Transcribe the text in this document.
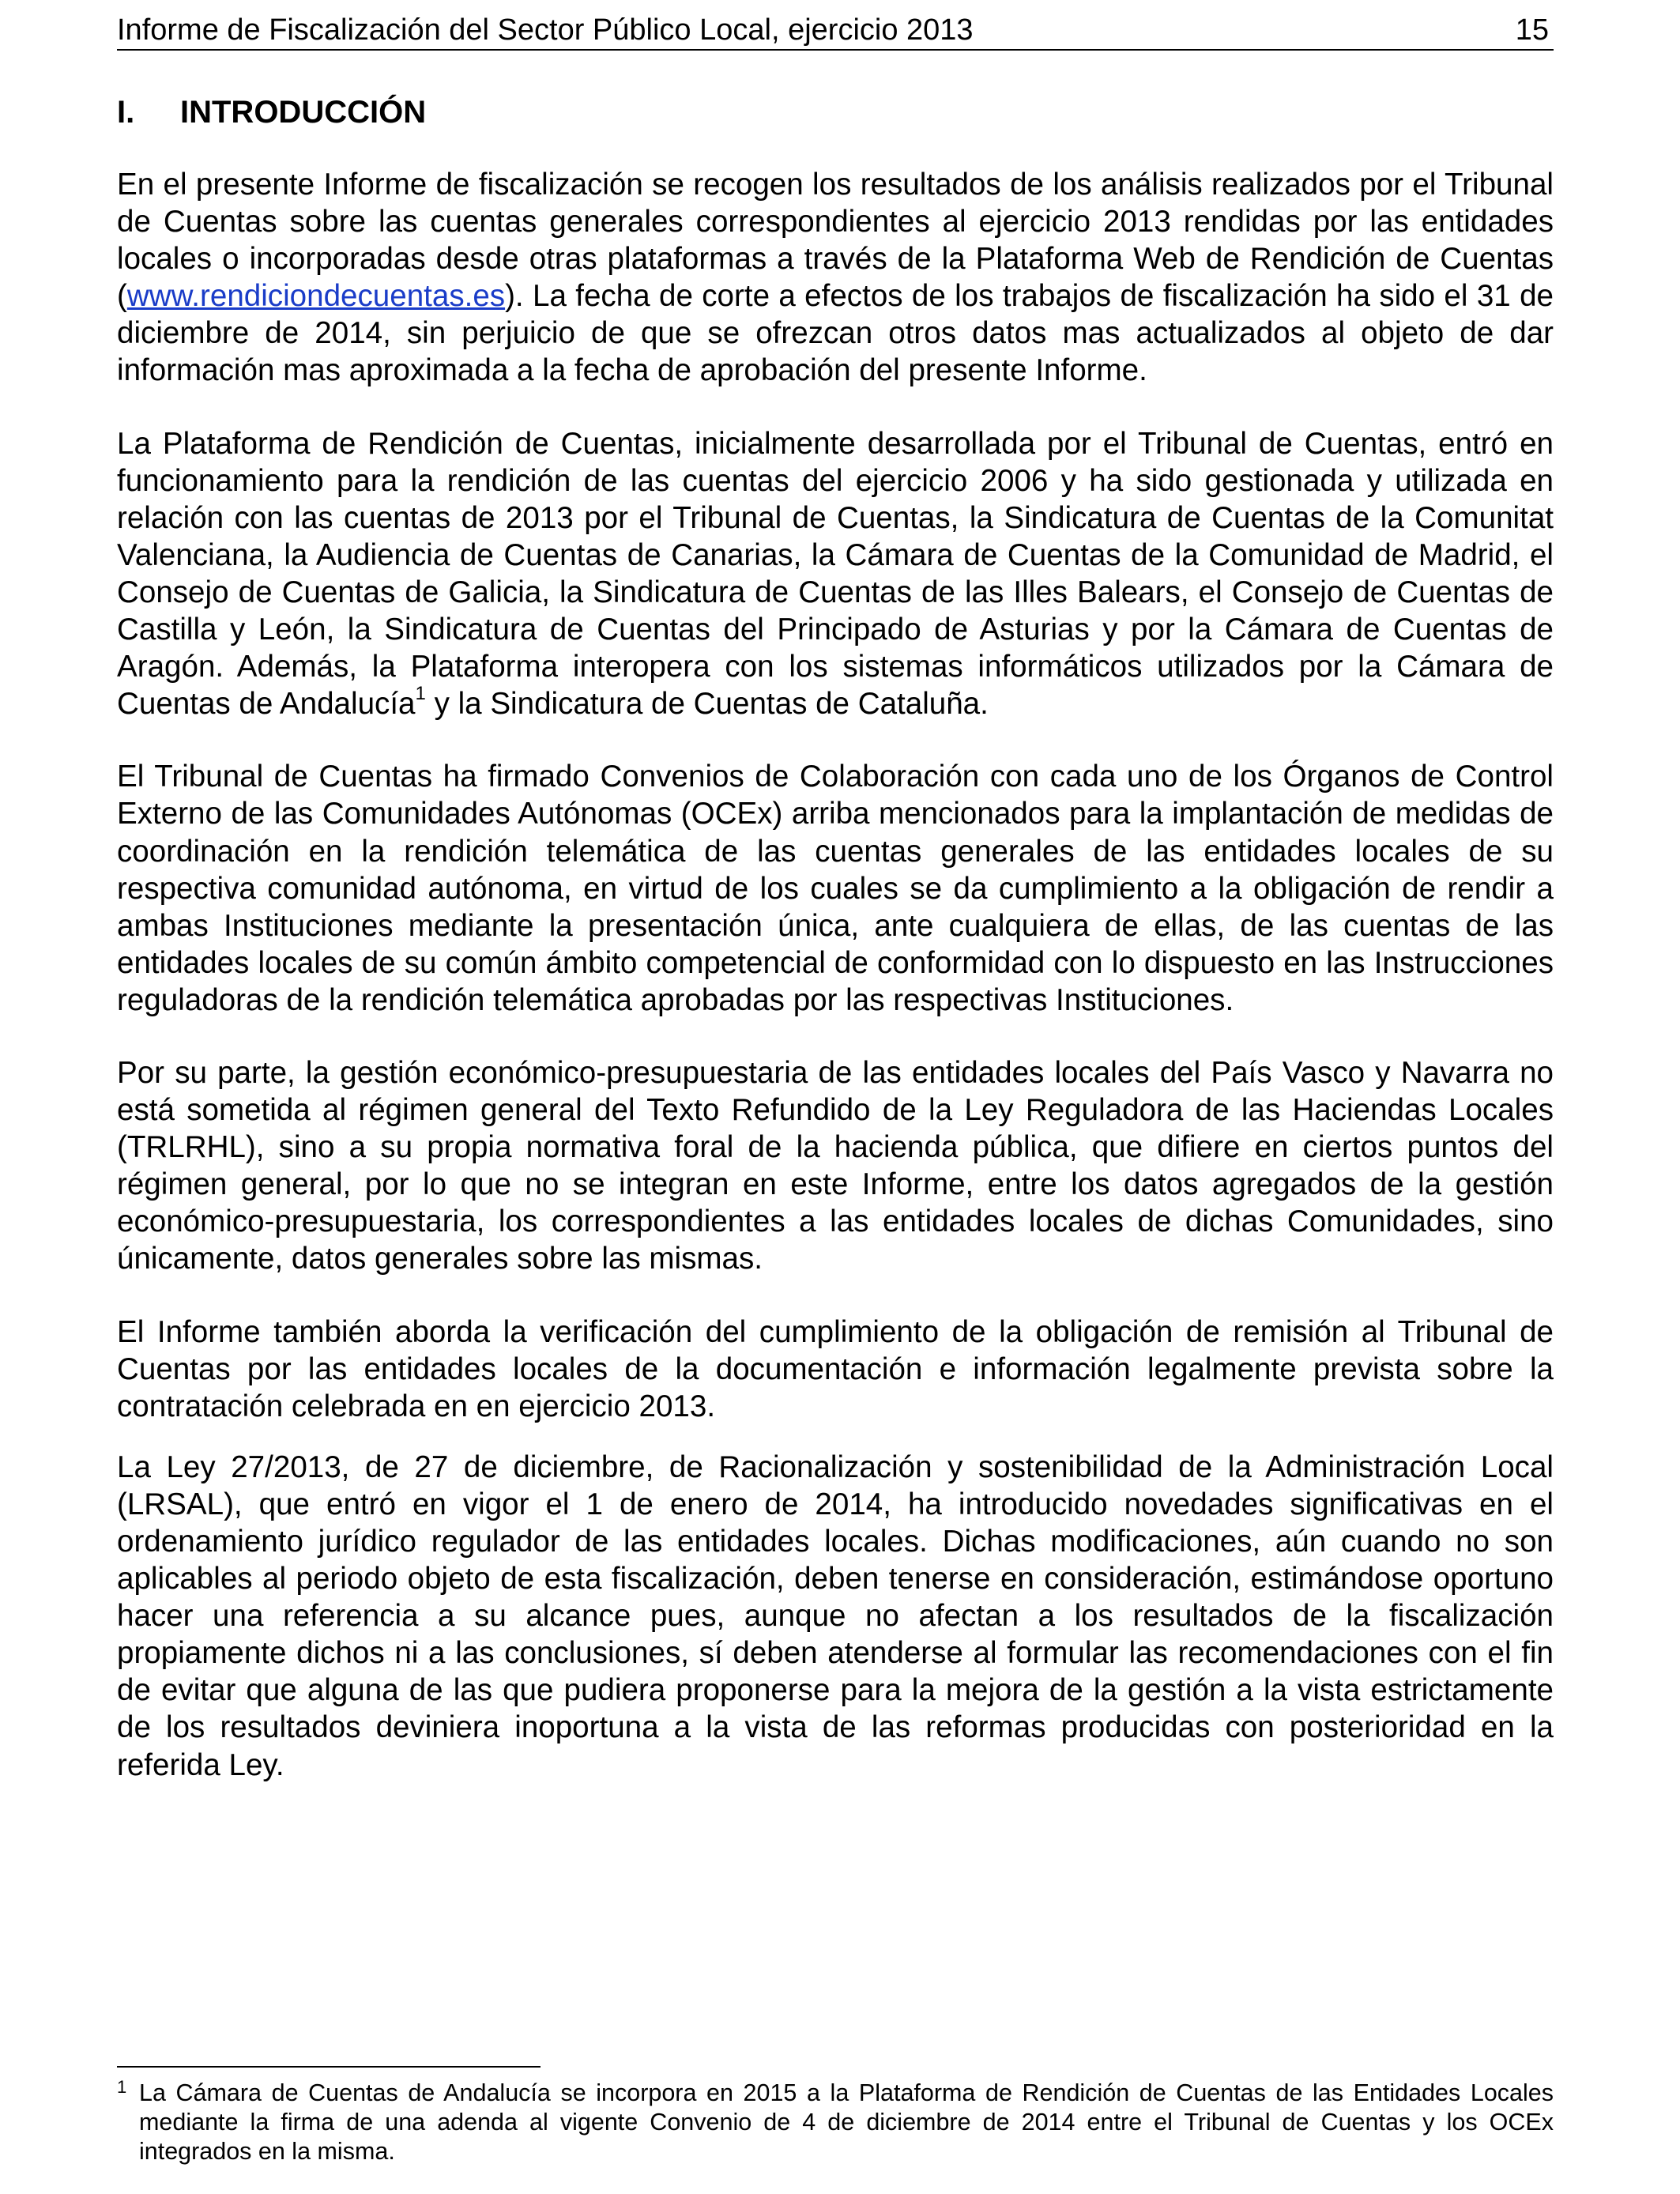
Informe de Fiscalización del Sector Público Local, ejercicio 2013	15
I. INTRODUCCIÓN

En el presente Informe de fiscalización se recogen los resultados de los análisis realizados por el Tribunal de Cuentas sobre las cuentas generales correspondientes al ejercicio 2013 rendidas por las entidades locales o incorporadas desde otras plataformas a través de la Plataforma Web de Rendición de Cuentas (www.rendiciondecuentas.es). La fecha de corte a efectos de los trabajos de fiscalización ha sido el 31 de diciembre de 2014, sin perjuicio de que se ofrezcan otros datos mas actualizados al objeto de dar información mas aproximada a la fecha de aprobación del presente Informe.

La Plataforma de Rendición de Cuentas, inicialmente desarrollada por el Tribunal de Cuentas, entró en funcionamiento para la rendición de las cuentas del ejercicio 2006 y ha sido gestionada y utilizada en relación con las cuentas de 2013 por el Tribunal de Cuentas, la Sindicatura de Cuentas de la Comunitat Valenciana, la Audiencia de Cuentas de Canarias, la Cámara de Cuentas de la Comunidad de Madrid, el Consejo de Cuentas de Galicia, la Sindicatura de Cuentas de las Illes Balears, el Consejo de Cuentas de Castilla y León, la Sindicatura de Cuentas del Principado de Asturias y por la Cámara de Cuentas de Aragón. Además, la Plataforma interopera con los sistemas informáticos utilizados por la Cámara de Cuentas de Andalucía$^1$ y la Sindicatura de Cuentas de Cataluña.

El Tribunal de Cuentas ha firmado Convenios de Colaboración con cada uno de los Órganos de Control Externo de las Comunidades Autónomas (OCEx) arriba mencionados para la implantación de medidas de coordinación en la rendición telemática de las cuentas generales de las entidades locales de su respectiva comunidad autónoma, en virtud de los cuales se da cumplimiento a la obligación de rendir a ambas Instituciones mediante la presentación única, ante cualquiera de ellas, de las cuentas de las entidades locales de su común ámbito competencial de conformidad con lo dispuesto en las Instrucciones reguladoras de la rendición telemática aprobadas por las respectivas Instituciones.

Por su parte, la gestión económico-presupuestaria de las entidades locales del País Vasco y Navarra no está sometida al régimen general del Texto Refundido de la Ley Reguladora de las Haciendas Locales (TRLRHL), sino a su propia normativa foral de la hacienda pública, que difiere en ciertos puntos del régimen general, por lo que no se integran en este Informe, entre los datos agregados de la gestión económico-presupuestaria, los correspondientes a las entidades locales de dichas Comunidades, sino únicamente, datos generales sobre las mismas.

El Informe también aborda la verificación del cumplimiento de la obligación de remisión al Tribunal de Cuentas por las entidades locales de la documentación e información legalmente prevista sobre la contratación celebrada en en ejercicio 2013.

La Ley 27/2013, de 27 de diciembre, de Racionalización y sostenibilidad de la Administración Local (LRSAL), que entró en vigor el 1 de enero de 2014, ha introducido novedades significativas en el ordenamiento jurídico regulador de las entidades locales. Dichas modificaciones, aún cuando no son aplicables al periodo objeto de esta fiscalización, deben tenerse en consideración, estimándose oportuno hacer una referencia a su alcance pues, aunque no afectan a los resultados de la fiscalización propiamente dichos ni a las conclusiones, sí deben atenderse al formular las recomendaciones con el fin de evitar que alguna de las que pudiera proponerse para la mejora de la gestión a la vista estrictamente de los resultados deviniera inoportuna a la vista de las reformas producidas con posterioridad en la referida Ley.

1 La Cámara de Cuentas de Andalucía se incorpora en 2015 a la Plataforma de Rendición de Cuentas de las Entidades Locales mediante la firma de una adenda al vigente Convenio de 4 de diciembre de 2014 entre el Tribunal de Cuentas y los OCEx integrados en la misma.
